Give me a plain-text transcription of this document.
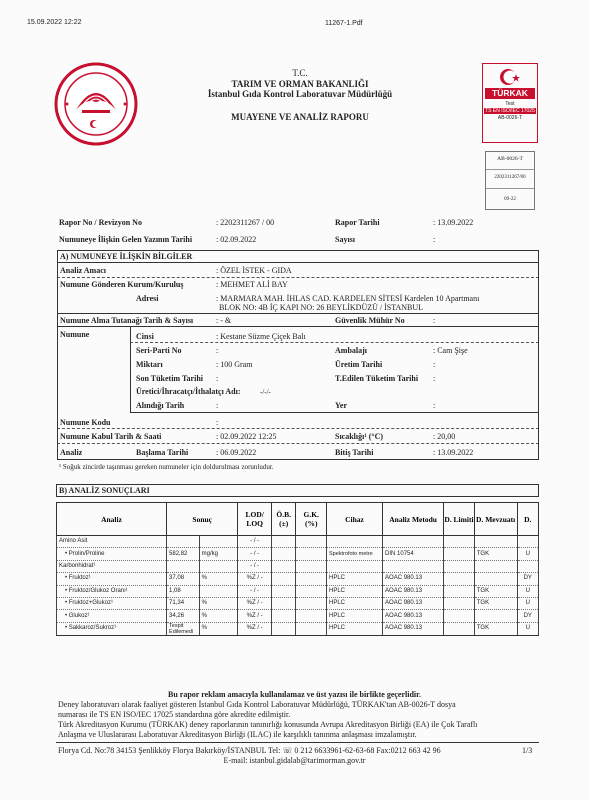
15.09.2022 12:22	11267-1.Pdf
T.C.
TARIM VE ORMAN BAKANLIĞI
İstanbul Gıda Kontrol Laboratuvar Müdürlüğü
MUAYENE VE ANALİZ RAPORU
TÜRKAK
Test
TS EN ISO/IEC 17025
AB-0026-T
AB-0026-T
2202311267/00
09-22
Rapor No / Revizyon No	: 2202311267 / 00	Rapor Tarihi	: 13.09.2022
Numuneye İlişkin Gelen Yazının Tarihi	: 02.09.2022	Sayısı	:
A) NUMUNEYE İLİŞKİN BİLGİLER
Analiz Amacı	: ÖZEL İSTEK - GIDA
Numune Gönderen Kurum/Kuruluş	: MEHMET ALİ BAY
Adresi	: MARMARA MAH. İHLAS CAD. KARDELEN SİTESİ Kardelen 10 Apartmanı
BLOK NO: 4B İÇ KAPI NO: 26 BEYLİKDÜZÜ / İSTANBUL
Numune Alma Tutanağı Tarih & Sayısı	: - &	Güvenlik Mühür No	:
Numune	Cinsi	: Kestane Süzme Çiçek Balı
Seri-Parti No	:	Ambalajı	: Cam Şişe
Miktarı	: 100 Gram	Üretim Tarihi	:
Son Tüketim Tarihi :	T.Edilen Tüketim Tarihi :
Üretici/İhracatçı/İthalatçı Adı:	-/-/-
Alındığı Tarih	:	Yer	:
Numune Kodu	:
Numune Kabul Tarih & Saati	: 02.09.2022 12:25	Sıcaklığı¹ (°C)	: 20,00
Analiz	Başlama Tarihi	: 06.09.2022	Bitiş Tarihi	: 13.09.2022
¹ Soğuk zincirde taşınması gereken numuneler için doldurulması zorunludur.
B) ANALİZ SONUÇLARI
Analiz	Sonuç		LOD/ LOQ	Ö.B. (±)	G.K. (%)	Cihaz	Analiz Metodu	D. Limiti	D. Mevzuatı	D.
Amino Asit			- / -							
• Prolin/Proline	582,82	mg/kg	- / -			Spektrofoto metre	DIN 10754		TGK	U
Karbonhidrat¹			- / -							
• Fruktoz¹	37,08	%	%Z / -			HPLC	AOAC 980.13			DY
• Fruktoz/Glukoz Oranı¹	1,08		- / -			HPLC	AOAC 980.13		TGK	U
• Fruktoz+Glukoz¹	71,34	%	%Z / -			HPLC	AOAC 980.13		TGK	U
• Glukoz¹	34,26	%	%Z / -			HPLC	AOAC 980.13			DY
• Sakkaroz/Sukroz¹	Tespit Edilemedi	%	%Z / -			HPLC	AOAC 980.13		TGK	U
Bu rapor reklam amacıyla kullanılamaz ve üst yazısı ile birlikte geçerlidir.
Deney laboratuvarı olarak faaliyet gösteren İstanbul Gıda Kontrol Laboratuvar Müdürlüğü, TÜRKAK'tan AB-0026-T dosya
numarası ile TS EN ISO/IEC 17025 standardına göre akredite edilmiştir.
Türk Akreditasyon Kurumu (TÜRKAK) deney raporlarının tanınırlığı konusunda Avrupa Akreditasyon Birliği (EA) ile Çok Taraflı
Anlaşma ve Uluslararası Laboratuvar Akreditasyon Birliği (ILAC) ile karşılıklı tanınma anlaşması imzalamıştır.
Florya Cd. No:78 34153 Şenlikköy Florya Bakırköy/İSTANBUL Tel: ☏ 0 212 6633961-62-63-68 Fax:0212 663 42 96	1/3
E-mail: istanbul.gidalab@tarimorman.gov.tr
